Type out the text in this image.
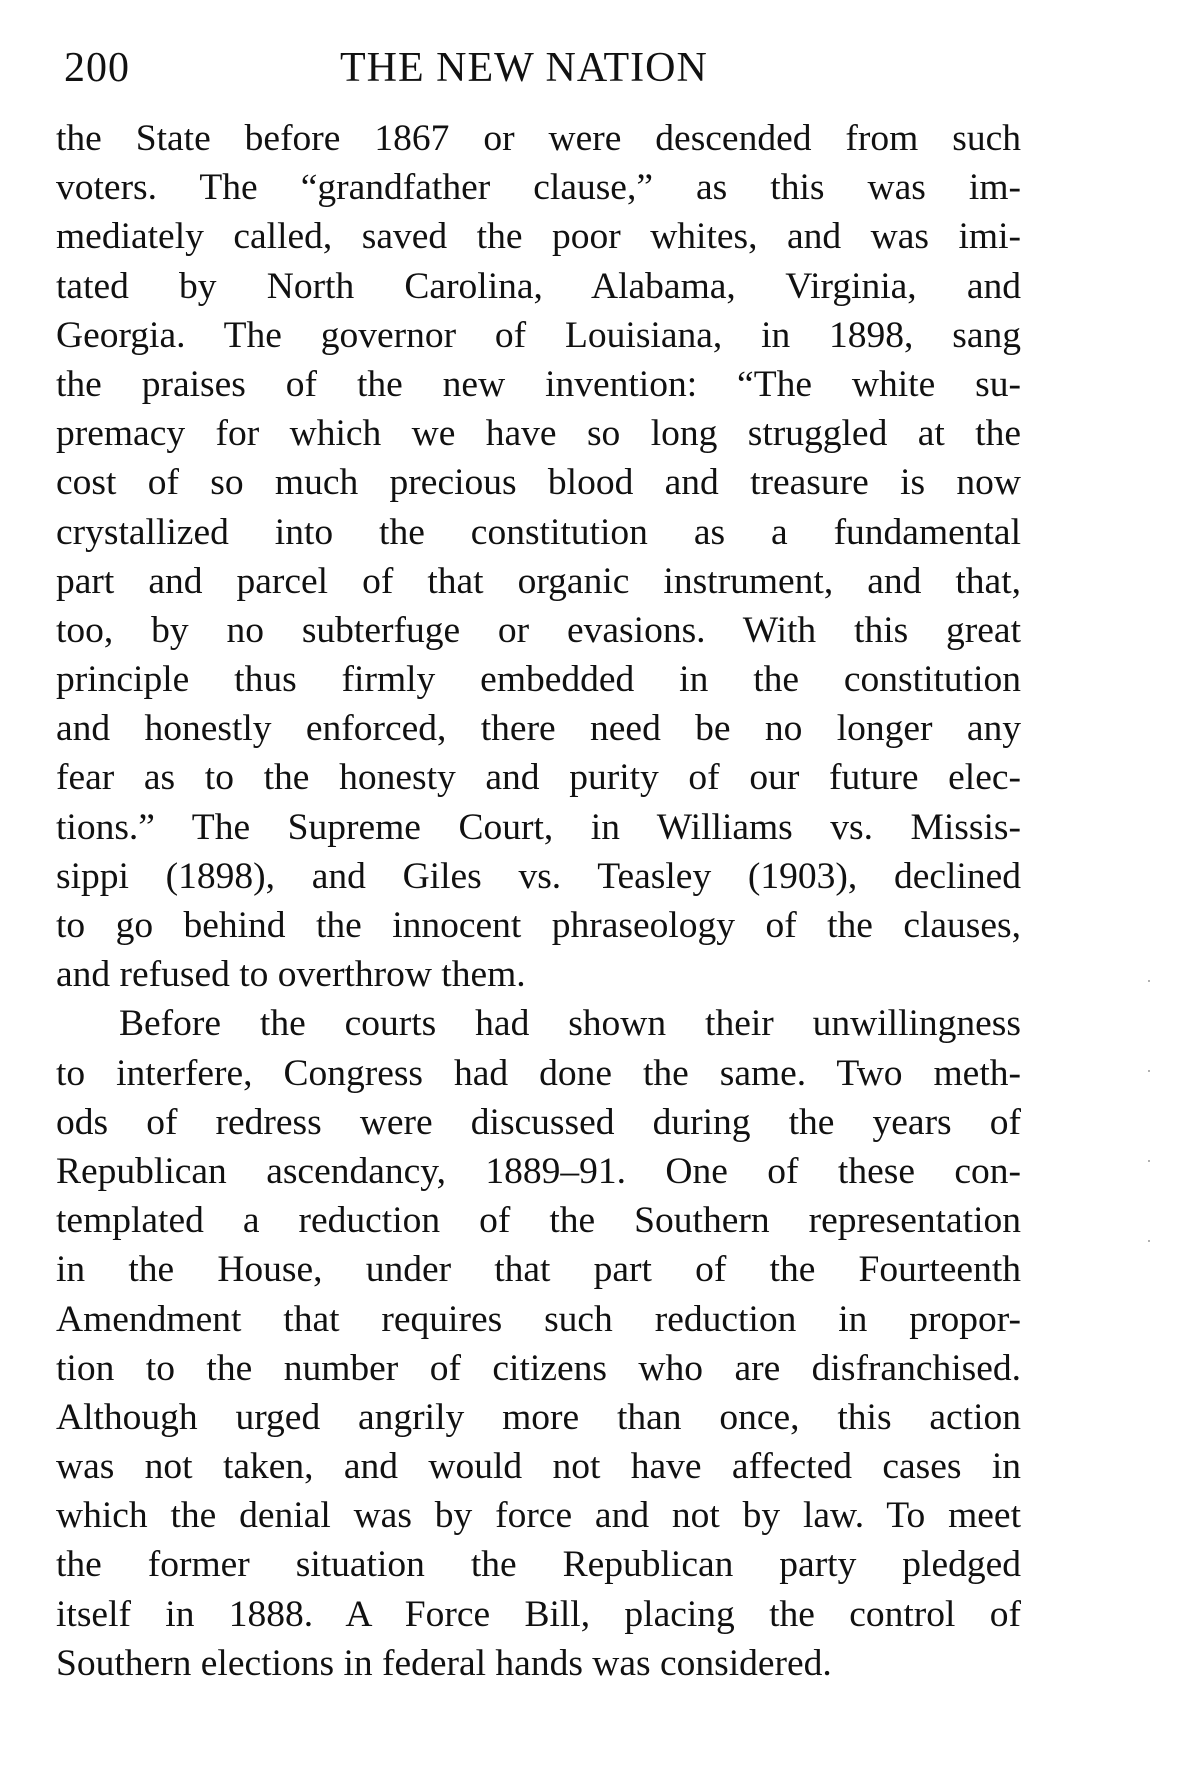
200	THE NEW NATION
the State before 1867 or were descended from such
voters. The “grandfather clause,” as this was im-
mediately called, saved the poor whites, and was imi-
tated by North Carolina, Alabama, Virginia, and
Georgia. The governor of Louisiana, in 1898, sang
the praises of the new invention: “The white su-
premacy for which we have so long struggled at the
cost of so much precious blood and treasure is now
crystallized into the constitution as a fundamental
part and parcel of that organic instrument, and that,
too, by no subterfuge or evasions. With this great
principle thus firmly embedded in the constitution
and honestly enforced, there need be no longer any
fear as to the honesty and purity of our future elec-
tions.” The Supreme Court, in Williams vs. Missis-
sippi (1898), and Giles vs. Teasley (1903), declined
to go behind the innocent phraseology of the clauses,
and refused to overthrow them.
Before the courts had shown their unwillingness
to interfere, Congress had done the same. Two meth-
ods of redress were discussed during the years of
Republican ascendancy, 1889–91. One of these con-
templated a reduction of the Southern representation
in the House, under that part of the Fourteenth
Amendment that requires such reduction in propor-
tion to the number of citizens who are disfranchised.
Although urged angrily more than once, this action
was not taken, and would not have affected cases in
which the denial was by force and not by law. To meet
the former situation the Republican party pledged
itself in 1888. A Force Bill, placing the control of
Southern elections in federal hands was considered.
